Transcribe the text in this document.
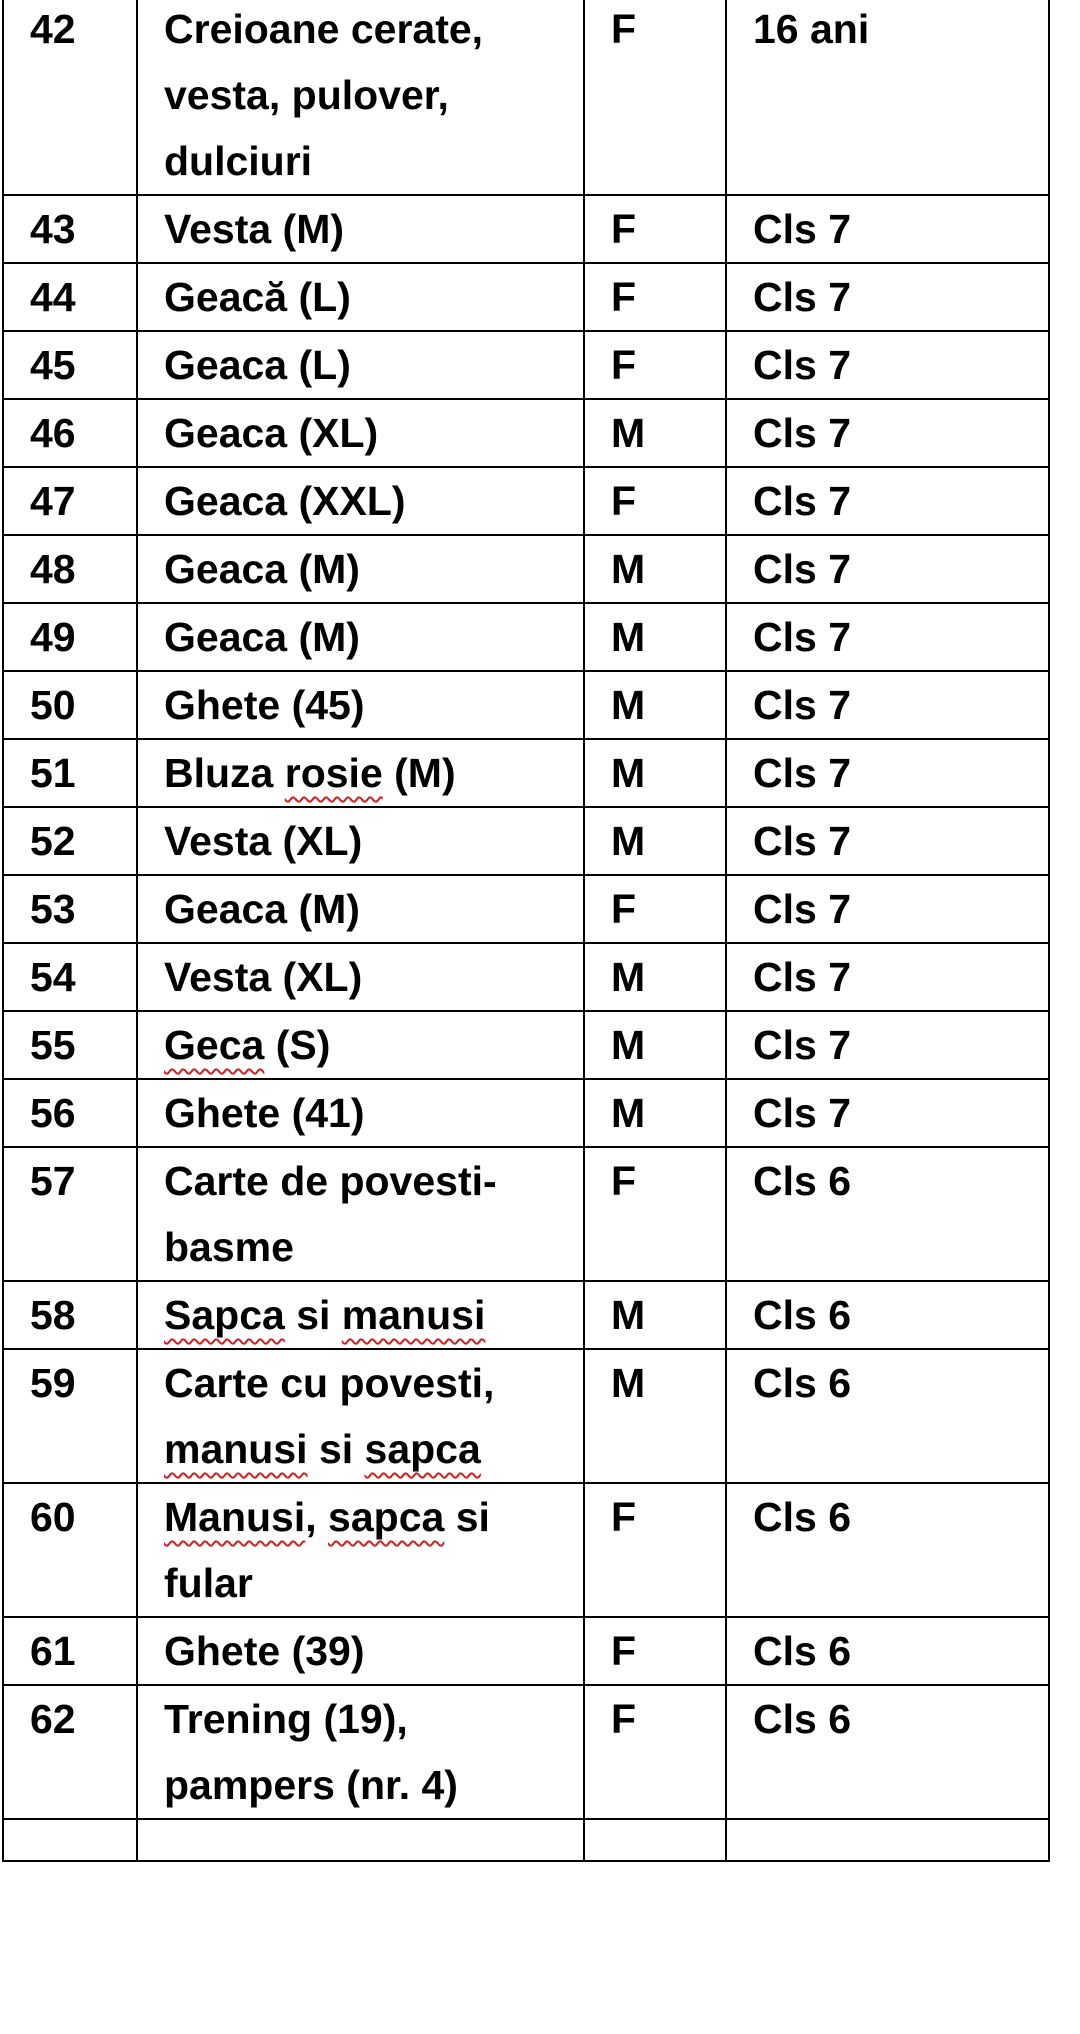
42	Creioane cerate,
vesta, pulover,
dulciuri	F	16 ani
43	Vesta (M)	F	Cls 7
44	Geacă (L)	F	Cls 7
45	Geaca (L)	F	Cls 7
46	Geaca (XL)	M	Cls 7
47	Geaca (XXL)	F	Cls 7
48	Geaca (M)	M	Cls 7
49	Geaca (M)	M	Cls 7
50	Ghete (45)	M	Cls 7
51	Bluza rosie (M)	M	Cls 7
52	Vesta (XL)	M	Cls 7
53	Geaca (M)	F	Cls 7
54	Vesta (XL)	M	Cls 7
55	Geca (S)	M	Cls 7
56	Ghete (41)	M	Cls 7
57	Carte de povesti-
basme	F	Cls 6
58	Sapca si manusi	M	Cls 6
59	Carte cu povesti,
manusi si sapca	M	Cls 6
60	Manusi, sapca si
fular	F	Cls 6
61	Ghete (39)	F	Cls 6
62	Trening (19),
pampers (nr. 4)	F	Cls 6
